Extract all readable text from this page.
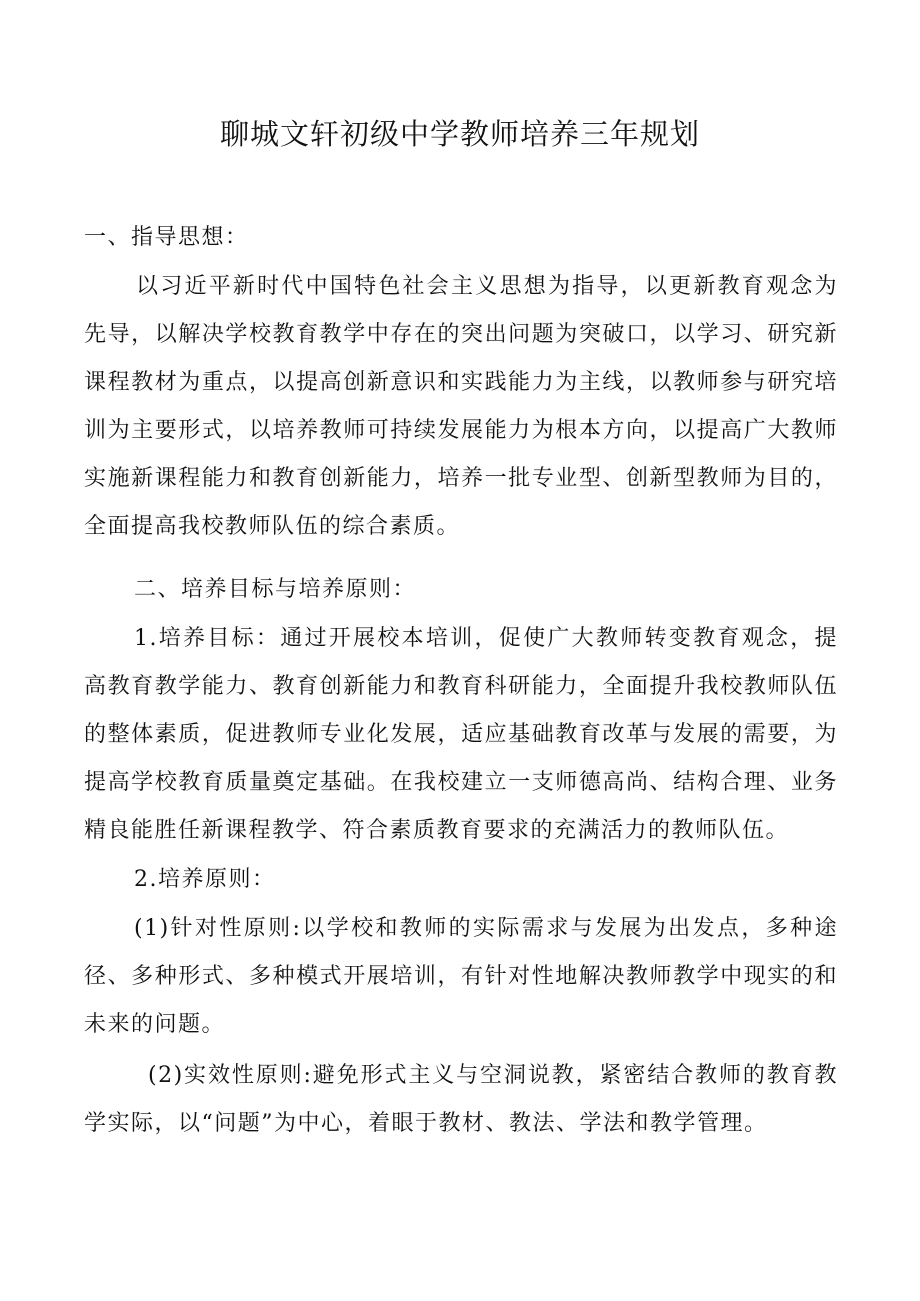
聊城文轩初级中学教师培养三年规划
一、指导思想：

以习近平新时代中国特色社会主义思想为指导，以更新教育观念为先导，以解决学校教育教学中存在的突出问题为突破口，以学习、研究新课程教材为重点，以提高创新意识和实践能力为主线，以教师参与研究培训为主要形式，以培养教师可持续发展能力为根本方向，以提高广大教师实施新课程能力和教育创新能力，培养一批专业型、创新型教师为目的，全面提高我校教师队伍的综合素质。

二、培养目标与培养原则：

1.培养目标：通过开展校本培训，促使广大教师转变教育观念，提高教育教学能力、教育创新能力和教育科研能力，全面提升我校教师队伍的整体素质，促进教师专业化发展，适应基础教育改革与发展的需要，为提高学校教育质量奠定基础。在我校建立一支师德高尚、结构合理、业务精良能胜任新课程教学、符合素质教育要求的充满活力的教师队伍。

2.培养原则：

(1)针对性原则:以学校和教师的实际需求与发展为出发点，多种途径、多种形式、多种模式开展培训，有针对性地解决教师教学中现实的和未来的问题。

(2)实效性原则:避免形式主义与空洞说教，紧密结合教师的教育教学实际，以“问题”为中心，着眼于教材、教法、学法和教学管理。
